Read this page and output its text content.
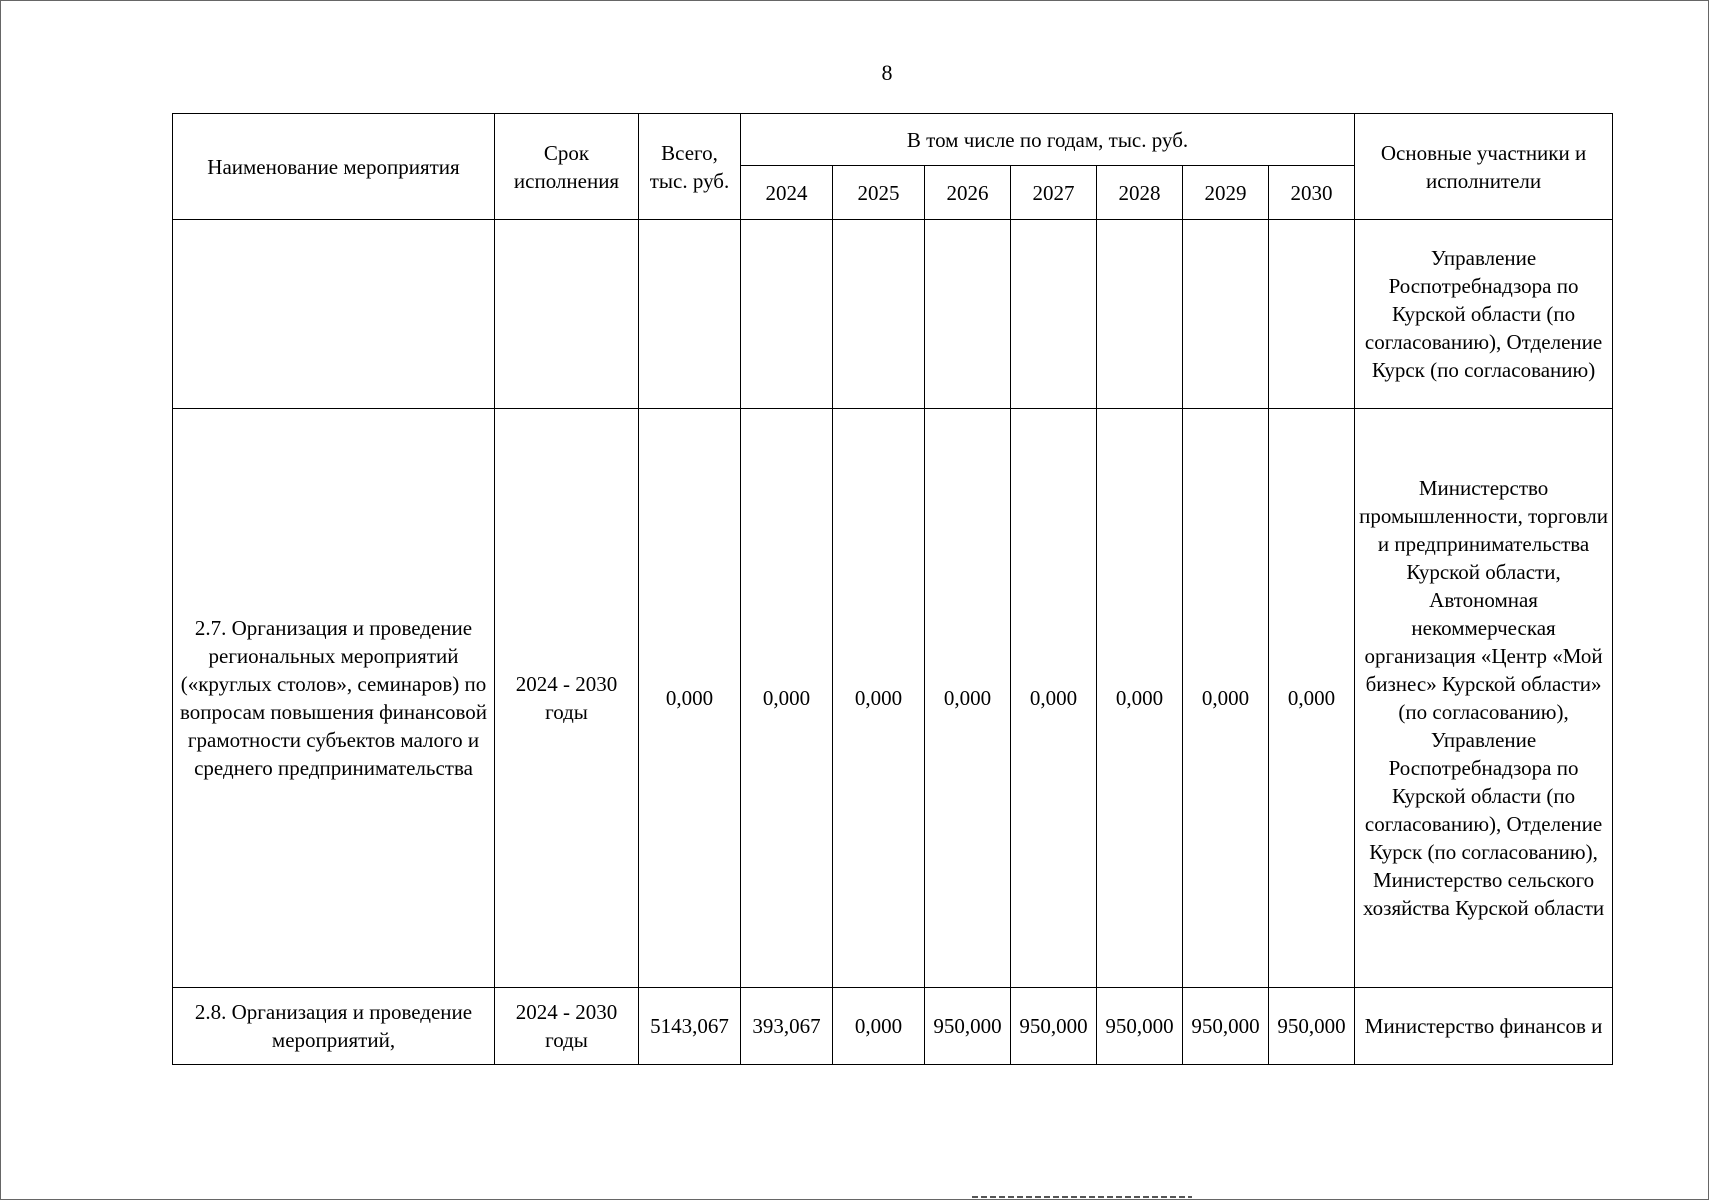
8
Наименование мероприятия	Срок исполнения	Всего, тыс. руб.	В том числе по годам, тыс. руб.							Основные участники и исполнители
			2024	2025	2026	2027	2028	2029	2030	
										Управление Роспотребнадзора по Курской области (по согласованию), Отделение Курск (по согласованию)
2.7. Организация и проведение региональных мероприятий («круглых столов», семинаров) по вопросам повышения финансовой грамотности субъектов малого и среднего предпринимательства	2024 - 2030 годы	0,000	0,000	0,000	0,000	0,000	0,000	0,000	0,000	Министерство промышленности, торговли и предпринимательства Курской области, Автономная некоммерческая организация «Центр «Мой бизнес» Курской области» (по согласованию), Управление Роспотребнадзора по Курской области (по согласованию), Отделение Курск (по согласованию), Министерство сельского хозяйства Курской области
2.8. Организация и проведение мероприятий,	2024 - 2030 годы	5143,067	393,067	0,000	950,000	950,000	950,000	950,000	950,000	Министерство финансов и
